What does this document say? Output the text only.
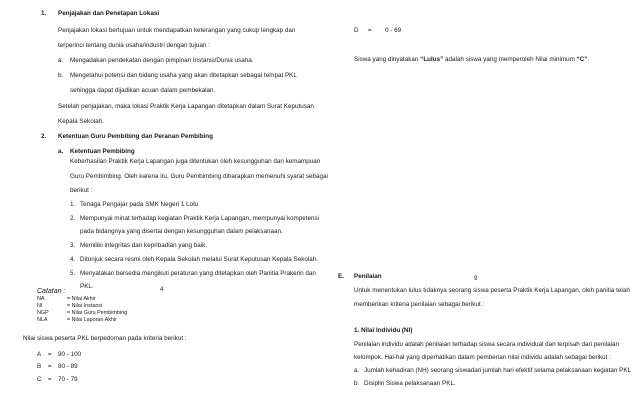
1. Penjajakan dan Penetapan Lokasi
Penjajakan lokasi bertujuan untuk mendapatkan keterangan yang cukup lengkap dan
terperinci tentang dunia usaha/industri dengan tujuan :
a. Mengadakan pendekatan dengan pimpinan Instansi/Dunia usaha.
b. Mengetahui potensi dan bidang usaha yang akan ditetapkan sebagai tempat PKL
sehingga dapat dijadikan acuan dalam pembekalan.
Setelah penjajakan, maka lokasi Praktik Kerja Lapangan ditetapkan dalam Surat Keputusan
Kepala Sekolah.
2. Ketentuan Guru Pembibing dan Peranan Pembibing
a. Ketentuan Pembibing
Keberhasilan Praktik Kerja Lapangan juga ditentukan oleh kesungguhan dan kemampuan
Guru Pembimbing. Oleh karena itu, Guru Pembimbing diharapkan memenuhi syarat sebagai
berikut :
1. Tenaga Pengajar pada SMK Negeri 1 Lotu
2. Mempunyai minat terhadap kegiatan Praktik Kerja Lapangan, mempunyai kompetensi
pada bidangnya yang disertai dengan kesungguhan dalam pelaksanaan.
3. Memiliki integritas dan kepribadian yang baik.
4. Ditunjuk secara resmi oleh Kepala Sekolah melalui Surat Keputusan Kepala Sekolah.
5. Menyatakan bersedia mengikuti peraturan yang ditetapkan oleh Panitia Prakerin dan
PKL.	4
Catatan :
NA	= Nilai Akhir
NI	= Nilai Instansi
NGP	= Nilai Guru Pembimbing
NLA	= Nilai Laporan Akhir
Nilai siswa peserta PKL berpedoman pada kriteria berikut :
A = 90 - 100
B = 80 - 89
C = 70 - 79
D = 0 - 69
Siswa yang dinyatakan “Lulus” adalah siswa yang memperoleh Nilai minimum “C”.
E. Penilaian	9
Untuk menentukan lulus tidaknya seorang siswa peserta Praktik Kerja Lapangan, oleh panitia telah
memberikan kriteria penilaian sebagai berikut :
1. Nilai Individu (NI)
Penilaian individu adalah penilaian terhadap siswa secara individual dan terpisah dari penilaian
kelompok. Hal-hal yang diperhatikan dalam pemberian nilai individu adalah sebagai berikut :
a. Jumlah kehadiran (NH) seorang siswadari jumlah hari efektif selama pelaksanaan kegiatan PKL
b. Disiplin Siswa pelaksanaan PKL.
